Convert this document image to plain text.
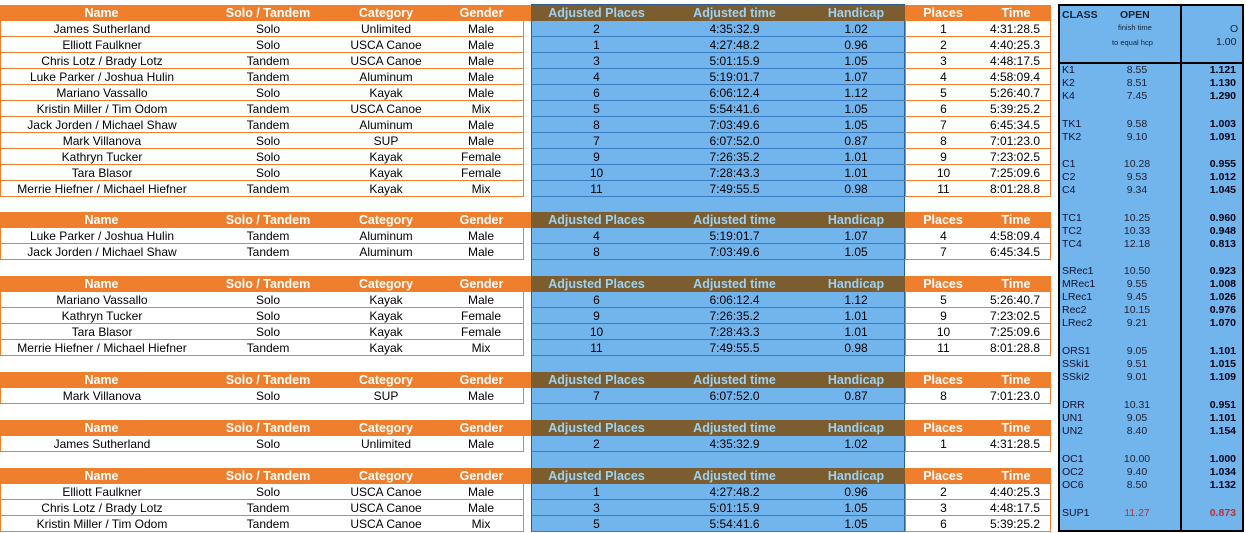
Name	Solo / Tandem	Category	Gender	Adjusted Places	Adjusted time	Handicap	Places	Time
James Sutherland	Solo	Unlimited	Male	2	4:35:32.9	1.02	1	4:31:28.5
Elliott Faulkner	Solo	USCA Canoe	Male	1	4:27:48.2	0.96	2	4:40:25.3
Chris Lotz / Brady Lotz	Tandem	USCA Canoe	Male	3	5:01:15.9	1.05	3	4:48:17.5
Luke Parker / Joshua Hulin	Tandem	Aluminum	Male	4	5:19:01.7	1.07	4	4:58:09.4
Mariano Vassallo	Solo	Kayak	Male	6	6:06:12.4	1.12	5	5:26:40.7
Kristin Miller / Tim Odom	Tandem	USCA Canoe	Mix	5	5:54:41.6	1.05	6	5:39:25.2
Jack Jorden / Michael Shaw	Tandem	Aluminum	Male	8	7:03:49.6	1.05	7	6:45:34.5
Mark Villanova	Solo	SUP	Male	7	6:07:52.0	0.87	8	7:01:23.0
Kathryn Tucker	Solo	Kayak	Female	9	7:26:35.2	1.01	9	7:23:02.5
Tara Blasor	Solo	Kayak	Female	10	7:28:43.3	1.01	10	7:25:09.6
Merrie Hiefner / Michael Hiefner	Tandem	Kayak	Mix	11	7:49:55.5	0.98	11	8:01:28.8
Name	Solo / Tandem	Category	Gender	Adjusted Places	Adjusted time	Handicap	Places	Time
Luke Parker / Joshua Hulin	Tandem	Aluminum	Male	4	5:19:01.7	1.07	4	4:58:09.4
Jack Jorden / Michael Shaw	Tandem	Aluminum	Male	8	7:03:49.6	1.05	7	6:45:34.5
Name	Solo / Tandem	Category	Gender	Adjusted Places	Adjusted time	Handicap	Places	Time
Mariano Vassallo	Solo	Kayak	Male	6	6:06:12.4	1.12	5	5:26:40.7
Kathryn Tucker	Solo	Kayak	Female	9	7:26:35.2	1.01	9	7:23:02.5
Tara Blasor	Solo	Kayak	Female	10	7:28:43.3	1.01	10	7:25:09.6
Merrie Hiefner / Michael Hiefner	Tandem	Kayak	Mix	11	7:49:55.5	0.98	11	8:01:28.8
Name	Solo / Tandem	Category	Gender	Adjusted Places	Adjusted time	Handicap	Places	Time
Mark Villanova	Solo	SUP	Male	7	6:07:52.0	0.87	8	7:01:23.0
Name	Solo / Tandem	Category	Gender	Adjusted Places	Adjusted time	Handicap	Places	Time
James Sutherland	Solo	Unlimited	Male	2	4:35:32.9	1.02	1	4:31:28.5
Name	Solo / Tandem	Category	Gender	Adjusted Places	Adjusted time	Handicap	Places	Time
Elliott Faulkner	Solo	USCA Canoe	Male	1	4:27:48.2	0.96	2	4:40:25.3
Chris Lotz / Brady Lotz	Tandem	USCA Canoe	Male	3	5:01:15.9	1.05	3	4:48:17.5
Kristin Miller / Tim Odom	Tandem	USCA Canoe	Mix	5	5:54:41.6	1.05	6	5:39:25.2
CLASS OPEN
finish time
to equal hcp
O
1.00
K1	8.55	1.121
K2	8.51	1.130
K4	7.45	1.290
TK1	9.58	1.003
TK2	9.10	1.091
C1	10.28	0.955
C2	9.53	1.012
C4	9.34	1.045
TC1	10.25	0.960
TC2	10.33	0.948
TC4	12.18	0.813
SRec1	10.50	0.923
MRec1	9.55	1.008
LRec1	9.45	1.026
Rec2	10.15	0.976
LRec2	9.21	1.070
ORS1	9.05	1.101
SSki1	9.51	1.015
SSki2	9.01	1.109
DRR	10.31	0.951
UN1	9.05	1.101
UN2	8.40	1.154
OC1	10.00	1.000
OC2	9.40	1.034
OC6	8.50	1.132
SUP1	11.27	0.873
